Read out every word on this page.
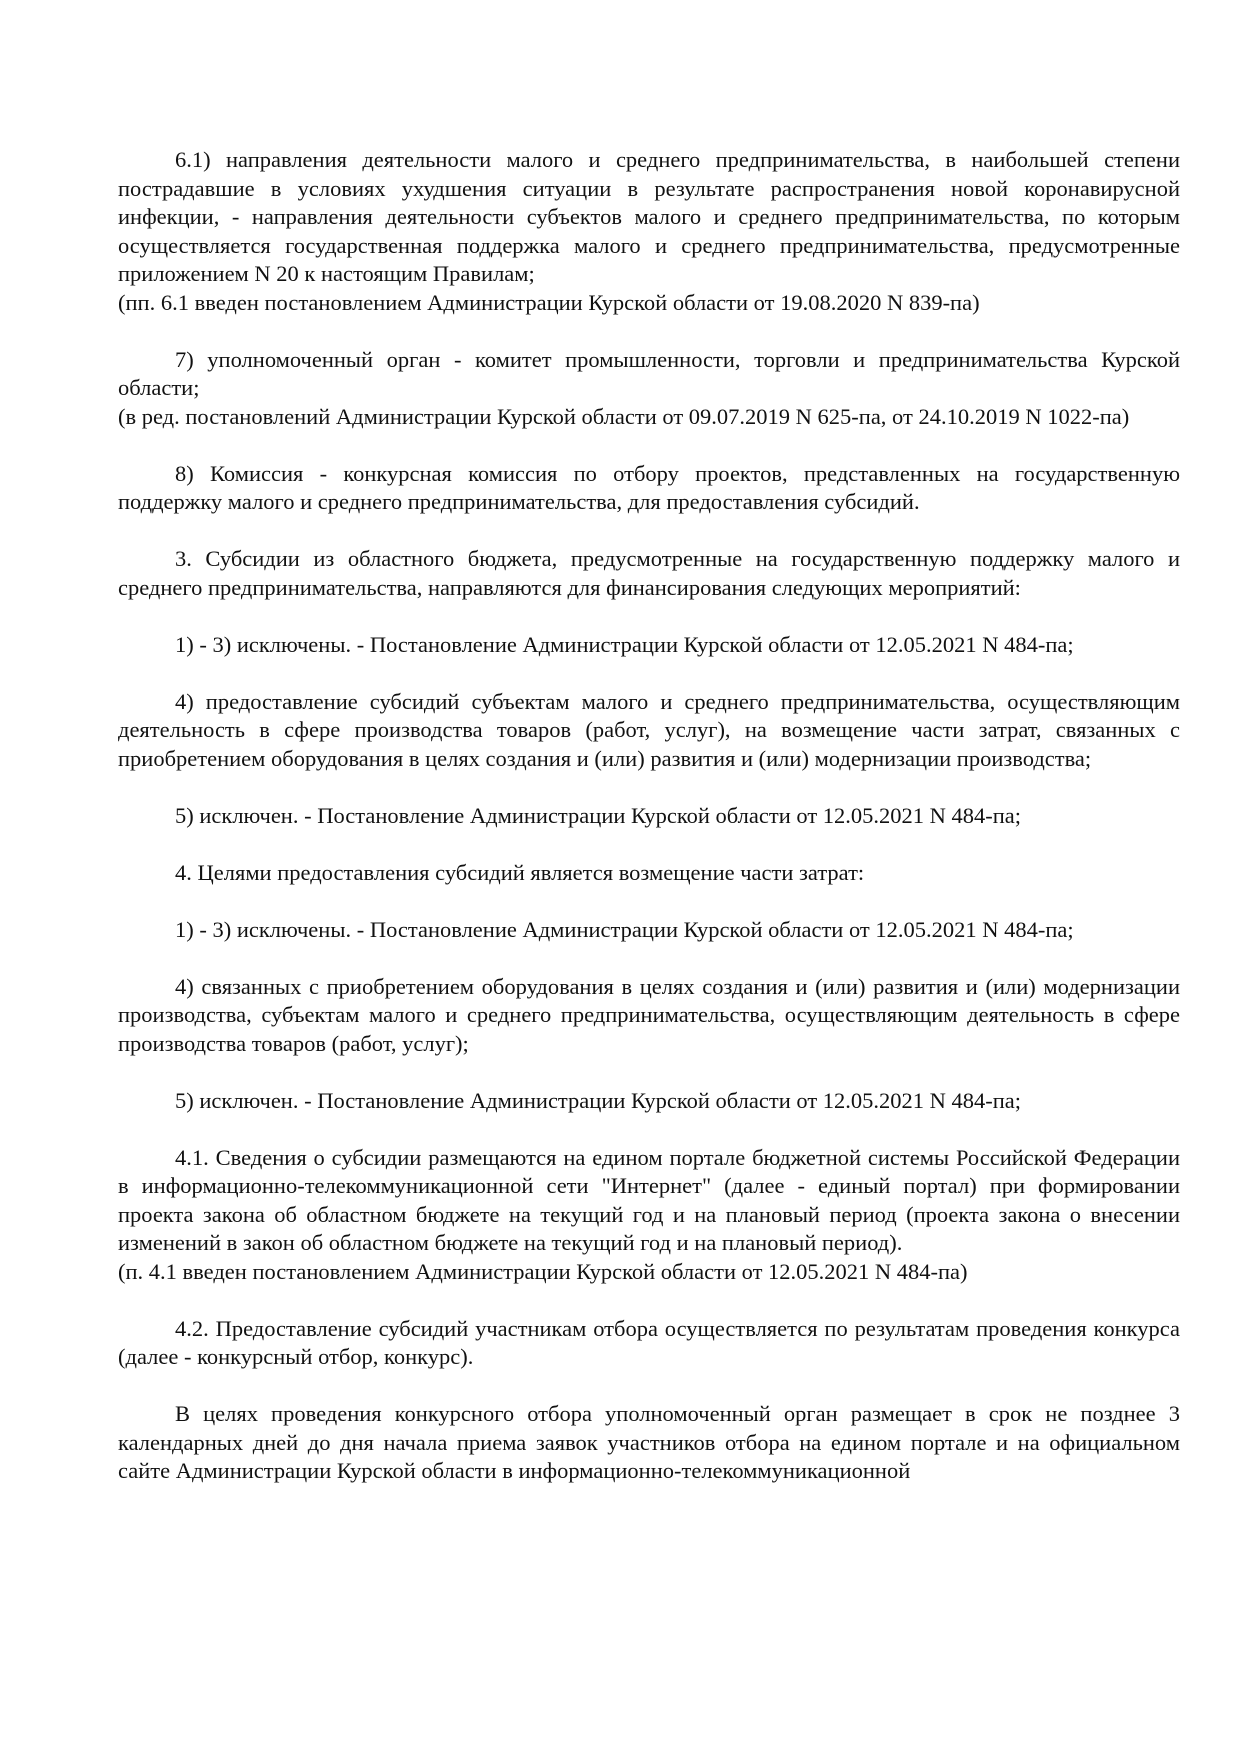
6.1) направления деятельности малого и среднего предпринимательства, в наибольшей степени пострадавшие в условиях ухудшения ситуации в результате распространения новой коронавирусной инфекции, - направления деятельности субъектов малого и среднего предпринимательства, по которым осуществляется государственная поддержка малого и среднего предпринимательства, предусмотренные приложением N 20 к настоящим Правилам;

(пп. 6.1 введен постановлением Администрации Курской области от 19.08.2020 N 839-па)

7) уполномоченный орган - комитет промышленности, торговли и предпринимательства Курской области;

(в ред. постановлений Администрации Курской области от 09.07.2019 N 625-па, от 24.10.2019 N 1022-па)

8) Комиссия - конкурсная комиссия по отбору проектов, представленных на государственную поддержку малого и среднего предпринимательства, для предоставления субсидий.

3. Субсидии из областного бюджета, предусмотренные на государственную поддержку малого и среднего предпринимательства, направляются для финансирования следующих мероприятий:

1) - 3) исключены. - Постановление Администрации Курской области от 12.05.2021 N 484-па;

4) предоставление субсидий субъектам малого и среднего предпринимательства, осуществляющим деятельность в сфере производства товаров (работ, услуг), на возмещение части затрат, связанных с приобретением оборудования в целях создания и (или) развития и (или) модернизации производства;

5) исключен. - Постановление Администрации Курской области от 12.05.2021 N 484-па;

4. Целями предоставления субсидий является возмещение части затрат:

1) - 3) исключены. - Постановление Администрации Курской области от 12.05.2021 N 484-па;

4) связанных с приобретением оборудования в целях создания и (или) развития и (или) модернизации производства, субъектам малого и среднего предпринимательства, осуществляющим деятельность в сфере производства товаров (работ, услуг);

5) исключен. - Постановление Администрации Курской области от 12.05.2021 N 484-па;

4.1. Сведения о субсидии размещаются на едином портале бюджетной системы Российской Федерации в информационно-телекоммуникационной сети "Интернет" (далее - единый портал) при формировании проекта закона об областном бюджете на текущий год и на плановый период (проекта закона о внесении изменений в закон об областном бюджете на текущий год и на плановый период).

(п. 4.1 введен постановлением Администрации Курской области от 12.05.2021 N 484-па)

4.2. Предоставление субсидий участникам отбора осуществляется по результатам проведения конкурса (далее - конкурсный отбор, конкурс).

В целях проведения конкурсного отбора уполномоченный орган размещает в срок не позднее 3 календарных дней до дня начала приема заявок участников отбора на едином портале и на официальном сайте Администрации Курской области в информационно-телекоммуникационной
